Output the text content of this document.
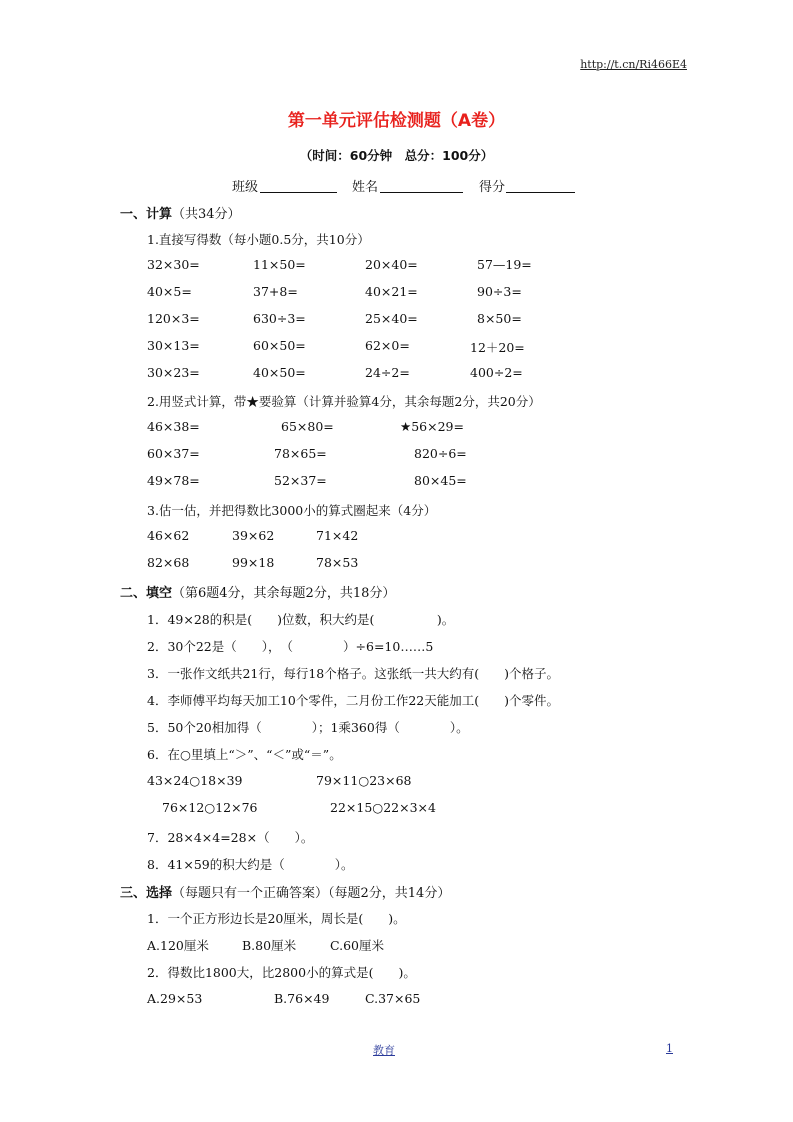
http://t.cn/Ri466E4
第一单元评估检测题（A卷）
（时间：60分钟　总分：100分）
班级	姓名	得分
一、计算（共34分）
1.直接写得数（每小题0.5分，共10分）
32×30=	11×50=	20×40=	57—19=
40×5=	37+8=	40×21=	90÷3=
120×3=	630÷3=	25×40=	8×50=
30×13=	60×50=	62×0=	12＋20=
30×23=	40×50=	24÷2=	400÷2=
2.用竖式计算，带★要验算（计算并验算4分，其余每题2分，共20分）
46×38=	65×80=	★56×29=
60×37=	78×65=	820÷6=
49×78=	52×37=	80×45=
3.估一估，并把得数比3000小的算式圈起来（4分）
46×62	39×62	71×42
82×68	99×18	78×53
二、填空（第6题4分，其余每题2分，共18分）
1．49×28的积是(　　)位数，积大约是(　　　　　)。
2．30个22是（　　），　（　　　　）÷6=10……5
3．一张作文纸共21行，每行18个格子。这张纸一共大约有(　　)个格子。
4．李师傅平均每天加工10个零件，二月份工作22天能加工(　　)个零件。
5．50个20相加得（　　　　）；1乘360得（　　　　）。
6．在○里填上“＞”、“＜”或“＝”。
43×24○18×39	79×11○23×68
76×12○12×76	22×15○22×3×4
7．28×4×4=28×（　　）。
8．41×59的积大约是（　　　　）。
三、选择（每题只有一个正确答案）（每题2分，共14分）
1．一个正方形边长是20厘米，周长是(　　)。
A.120厘米	B.80厘米	C.60厘米
2．得数比1800大，比2800小的算式是(　　)。
A.29×53	B.76×49	C.37×65
教育	1
